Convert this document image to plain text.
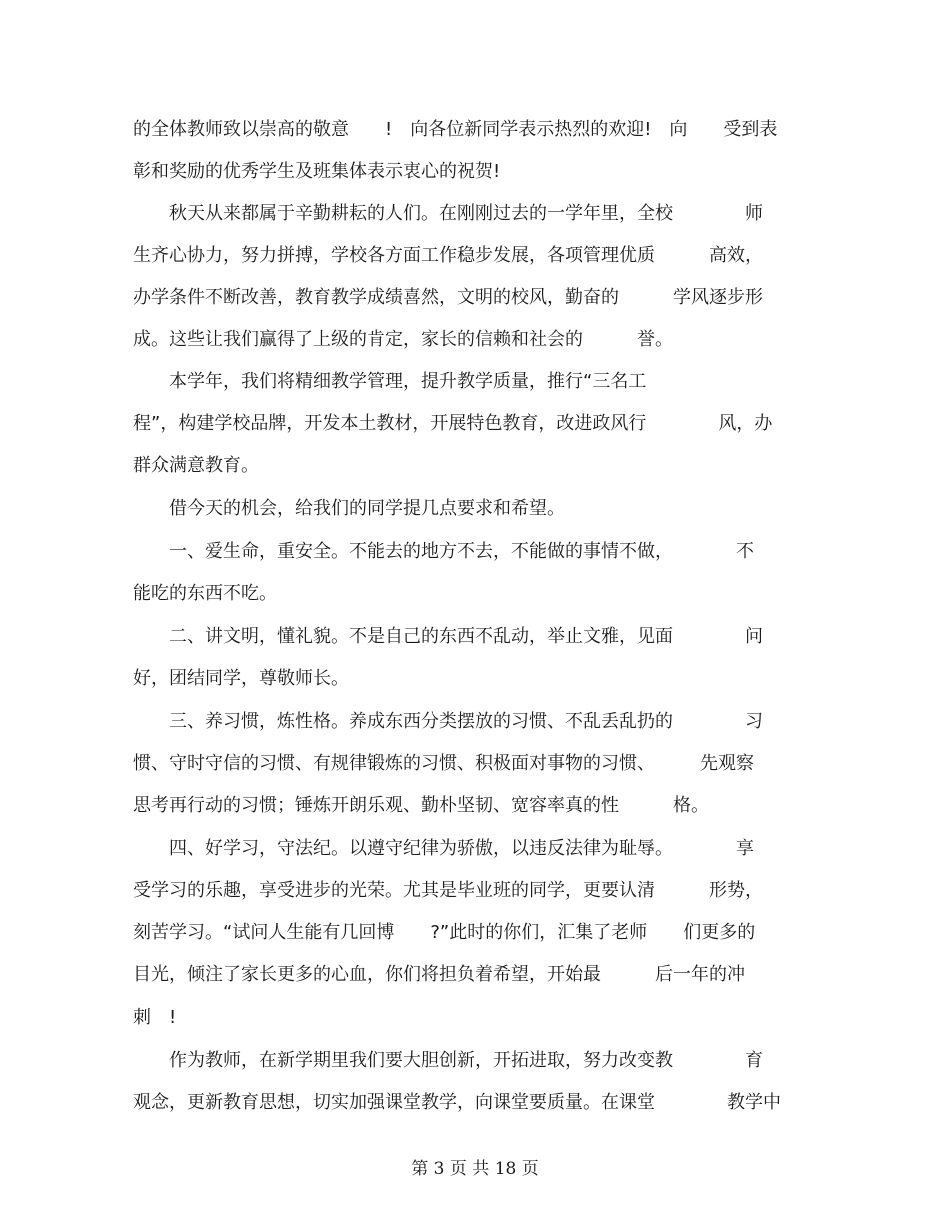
的全体教师致以崇高的敬意　　!　向各位新同学表示热烈的欢迎!　向　　受到表
彰和奖励的优秀学生及班集体表示衷心的祝贺!
　　秋天从来都属于辛勤耕耘的人们。在刚刚过去的一学年里，全校　　　　师
生齐心协力，努力拼搏，学校各方面工作稳步发展，各项管理优质　　　高效，
办学条件不断改善，教育教学成绩喜然，文明的校风，勤奋的　　　学风逐步形
成。这些让我们赢得了上级的肯定，家长的信赖和社会的　　　誉。
　　本学年，我们将精细教学管理，提升教学质量，推行“三名工
程”，构建学校品牌，开发本土教材，开展特色教育，改进政风行　　　　风，办
群众满意教育。
　　借今天的机会，给我们的同学提几点要求和希望。
　　一、爱生命，重安全。不能去的地方不去，不能做的事情不做，　　　　不
能吃的东西不吃。
　　二、讲文明，懂礼貌。不是自己的东西不乱动，举止文雅，见面　　　　问
好，团结同学，尊敬师长。
　　三、养习惯，炼性格。养成东西分类摆放的习惯、不乱丢乱扔的　　　　习
惯、守时守信的习惯、有规律锻炼的习惯、积极面对事物的习惯、　　　先观察
思考再行动的习惯；锤炼开朗乐观、勤朴坚韧、宽容率真的性　　　格。
　　四、好学习，守法纪。以遵守纪律为骄傲，以违反法律为耻辱。　　　　享
受学习的乐趣，享受进步的光荣。尤其是毕业班的同学，更要认清　　　形势，
刻苦学习。“试问人生能有几回博　　?”此时的你们，汇集了老师　　们更多的
目光，倾注了家长更多的心血，你们将担负着希望，开始最　　　后一年的冲
刺　!
　　作为教师，在新学期里我们要大胆创新，开拓进取，努力改变教　　　　育
观念，更新教育思想，切实加强课堂教学，向课堂要质量。在课堂　　　　教学中
第 3 页 共 18 页
